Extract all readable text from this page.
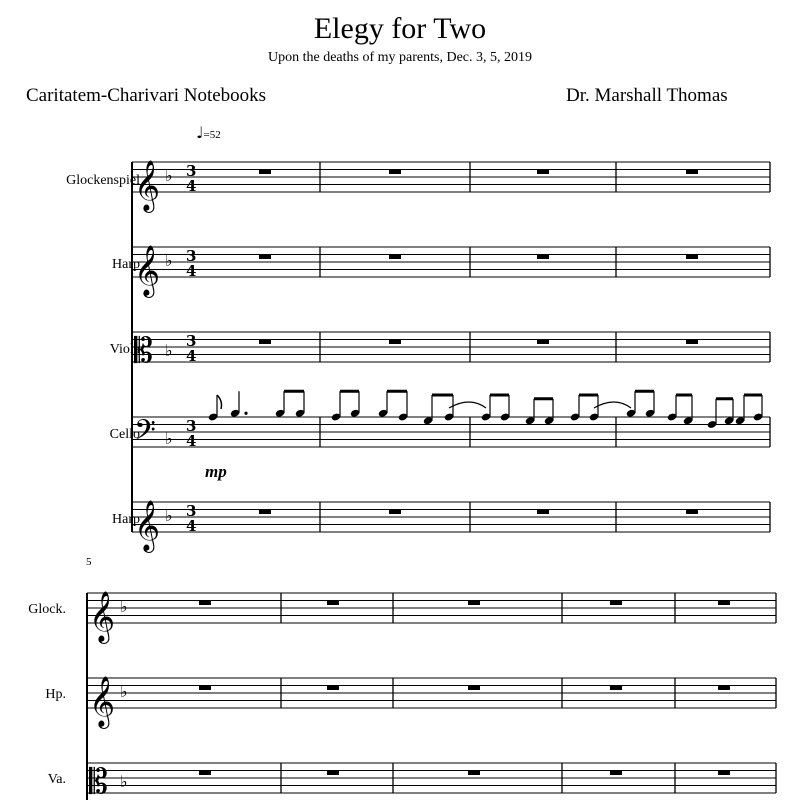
Elegy for Two
Upon the deaths of my parents, Dec. 3, 5, 2019
Caritatem-Charivari Notebooks	Dr. Marshall Thomas
♩=52
Glockenspiel
Harp
Viola
Cello
Harp
mp
5
Glock.
Hp.
Va.
𝄞 ♭ 3
4
𝄞 ♭ 3
4
𝄡 ♭ 3
4
𝄢 ♭
3
4
𝄞 ♭ 3
4
𝄞 ♭
𝄞 ♭
𝄡 ♭
